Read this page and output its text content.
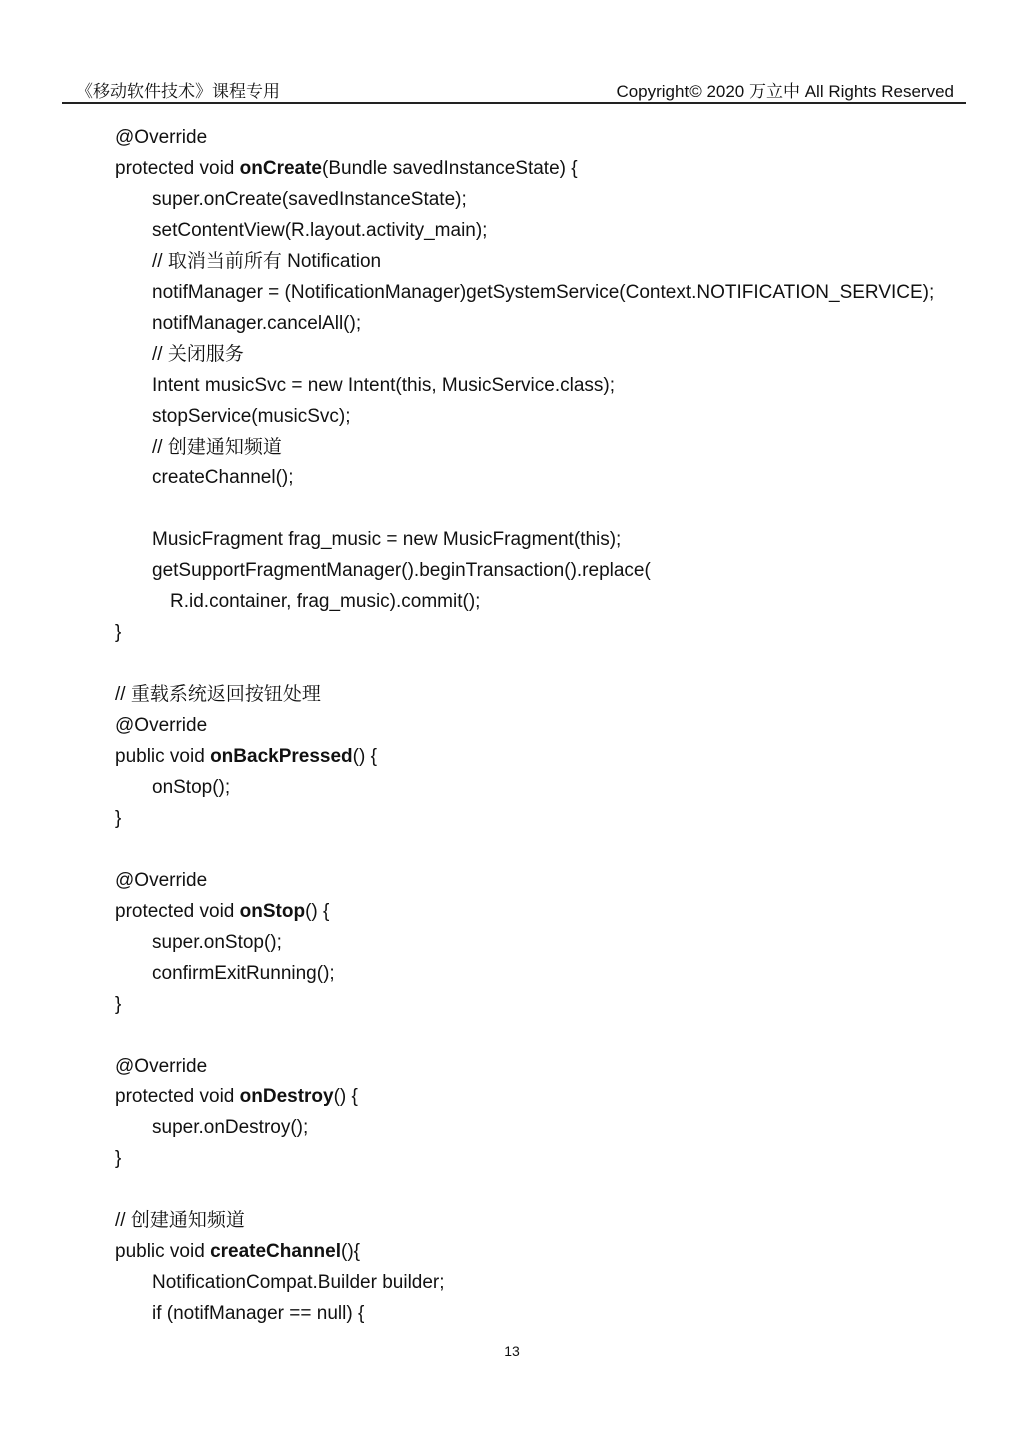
《移动软件技术》课程专用	Copyright© 2020 万立中 All Rights Reserved
@Override
protected void onCreate(Bundle savedInstanceState) {
super.onCreate(savedInstanceState);
setContentView(R.layout.activity_main);
// 取消当前所有 Notification
notifManager = (NotificationManager)getSystemService(Context.NOTIFICATION_SERVICE);
notifManager.cancelAll();
// 关闭服务
Intent musicSvc = new Intent(this, MusicService.class);
stopService(musicSvc);
// 创建通知频道
createChannel();
MusicFragment frag_music = new MusicFragment(this);
getSupportFragmentManager().beginTransaction().replace(
R.id.container, frag_music).commit();
}
// 重载系统返回按钮处理
@Override
public void onBackPressed() {
onStop();
}
@Override
protected void onStop() {
super.onStop();
confirmExitRunning();
}
@Override
protected void onDestroy() {
super.onDestroy();
}
// 创建通知频道
public void createChannel(){
NotificationCompat.Builder builder;
if (notifManager == null) {
13
